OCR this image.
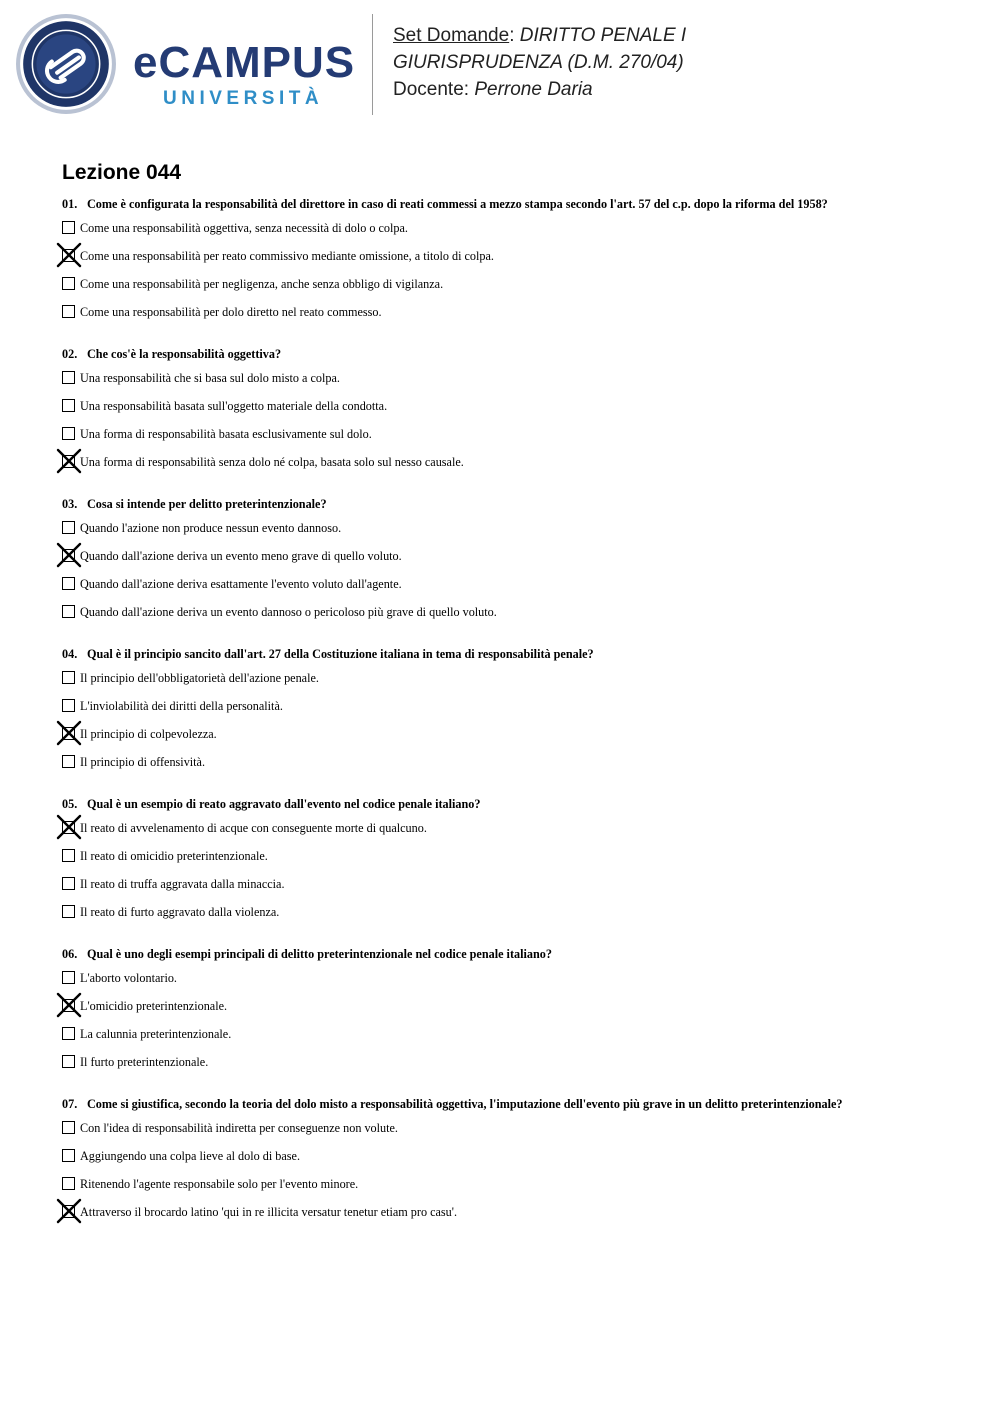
eCAMPUS
UNIVERSITÀ
Set Domande: DIRITTO PENALE I
GIURISPRUDENZA (D.M. 270/04)
Docente: Perrone Daria
Lezione 044
01. Come è configurata la responsabilità del direttore in caso di reati commessi a mezzo stampa secondo l'art. 57 del c.p. dopo la riforma del 1958?
Come una responsabilità oggettiva, senza necessità di dolo o colpa.
Come una responsabilità per reato commissivo mediante omissione, a titolo di colpa.
Come una responsabilità per negligenza, anche senza obbligo di vigilanza.
Come una responsabilità per dolo diretto nel reato commesso.
02. Che cos'è la responsabilità oggettiva?
Una responsabilità che si basa sul dolo misto a colpa.
Una responsabilità basata sull'oggetto materiale della condotta.
Una forma di responsabilità basata esclusivamente sul dolo.
Una forma di responsabilità senza dolo né colpa, basata solo sul nesso causale.
03. Cosa si intende per delitto preterintenzionale?
Quando l'azione non produce nessun evento dannoso.
Quando dall'azione deriva un evento meno grave di quello voluto.
Quando dall'azione deriva esattamente l'evento voluto dall'agente.
Quando dall'azione deriva un evento dannoso o pericoloso più grave di quello voluto.
04. Qual è il principio sancito dall'art. 27 della Costituzione italiana in tema di responsabilità penale?
Il principio dell'obbligatorietà dell'azione penale.
L'inviolabilità dei diritti della personalità.
Il principio di colpevolezza.
Il principio di offensività.
05. Qual è un esempio di reato aggravato dall'evento nel codice penale italiano?
Il reato di avvelenamento di acque con conseguente morte di qualcuno.
Il reato di omicidio preterintenzionale.
Il reato di truffa aggravata dalla minaccia.
Il reato di furto aggravato dalla violenza.
06. Qual è uno degli esempi principali di delitto preterintenzionale nel codice penale italiano?
L'aborto volontario.
L'omicidio preterintenzionale.
La calunnia preterintenzionale.
Il furto preterintenzionale.
07. Come si giustifica, secondo la teoria del dolo misto a responsabilità oggettiva, l'imputazione dell'evento più grave in un delitto preterintenzionale?
Con l'idea di responsabilità indiretta per conseguenze non volute.
Aggiungendo una colpa lieve al dolo di base.
Ritenendo l'agente responsabile solo per l'evento minore.
Attraverso il brocardo latino 'qui in re illicita versatur tenetur etiam pro casu'.
